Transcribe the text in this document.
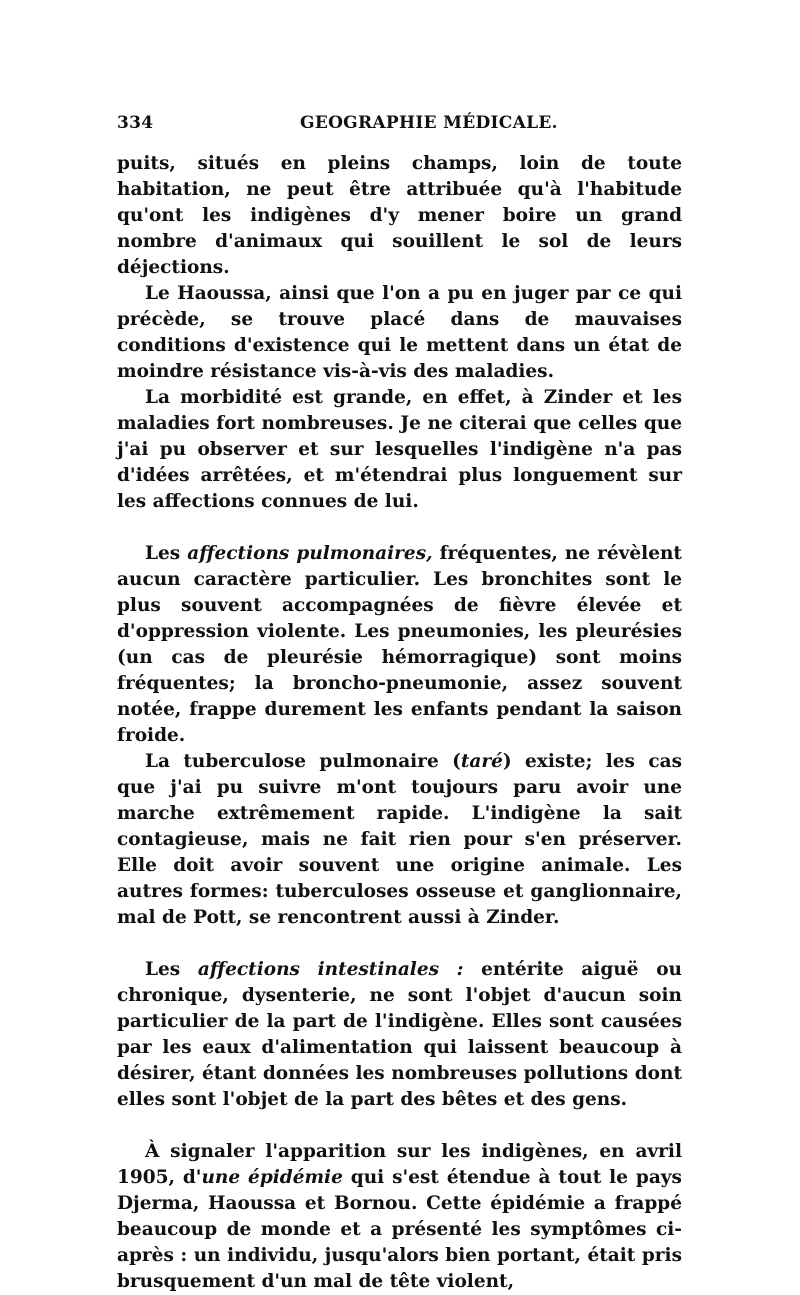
334	GEOGRAPHIE MÉDICALE.

puits, situés en pleins champs, loin de toute habitation, ne peut être attribuée qu'à l'habitude qu'ont les indigènes d'y mener boire un grand nombre d'animaux qui souillent le sol de leurs déjections.

Le Haoussa, ainsi que l'on a pu en juger par ce qui précède, se trouve placé dans de mauvaises conditions d'existence qui le mettent dans un état de moindre résistance vis-à-vis des maladies.

La morbidité est grande, en effet, à Zinder et les maladies fort nombreuses. Je ne citerai que celles que j'ai pu observer et sur lesquelles l'indigène n'a pas d'idées arrêtées, et m'étendrai plus longuement sur les affections connues de lui.

Les affections pulmonaires, fréquentes, ne révèlent aucun caractère particulier. Les bronchites sont le plus souvent accompagnées de fièvre élevée et d'oppression violente. Les pneumonies, les pleurésies (un cas de pleurésie hémorragique) sont moins fréquentes; la broncho-pneumonie, assez souvent notée, frappe durement les enfants pendant la saison froide.

La tuberculose pulmonaire (taré) existe; les cas que j'ai pu suivre m'ont toujours paru avoir une marche extrêmement rapide. L'indigène la sait contagieuse, mais ne fait rien pour s'en préserver. Elle doit avoir souvent une origine animale. Les autres formes: tuberculoses osseuse et ganglionnaire, mal de Pott, se rencontrent aussi à Zinder.

Les affections intestinales : entérite aiguë ou chronique, dysenterie, ne sont l'objet d'aucun soin particulier de la part de l'indigène. Elles sont causées par les eaux d'alimentation qui laissent beaucoup à désirer, étant données les nombreuses pollutions dont elles sont l'objet de la part des bêtes et des gens.

À signaler l'apparition sur les indigènes, en avril 1905, d'une épidémie qui s'est étendue à tout le pays Djerma, Haoussa et Bornou. Cette épidémie a frappé beaucoup de monde et a présenté les symptômes ci-après : un individu, jusqu'alors bien portant, était pris brusquement d'un mal de tête violent,
